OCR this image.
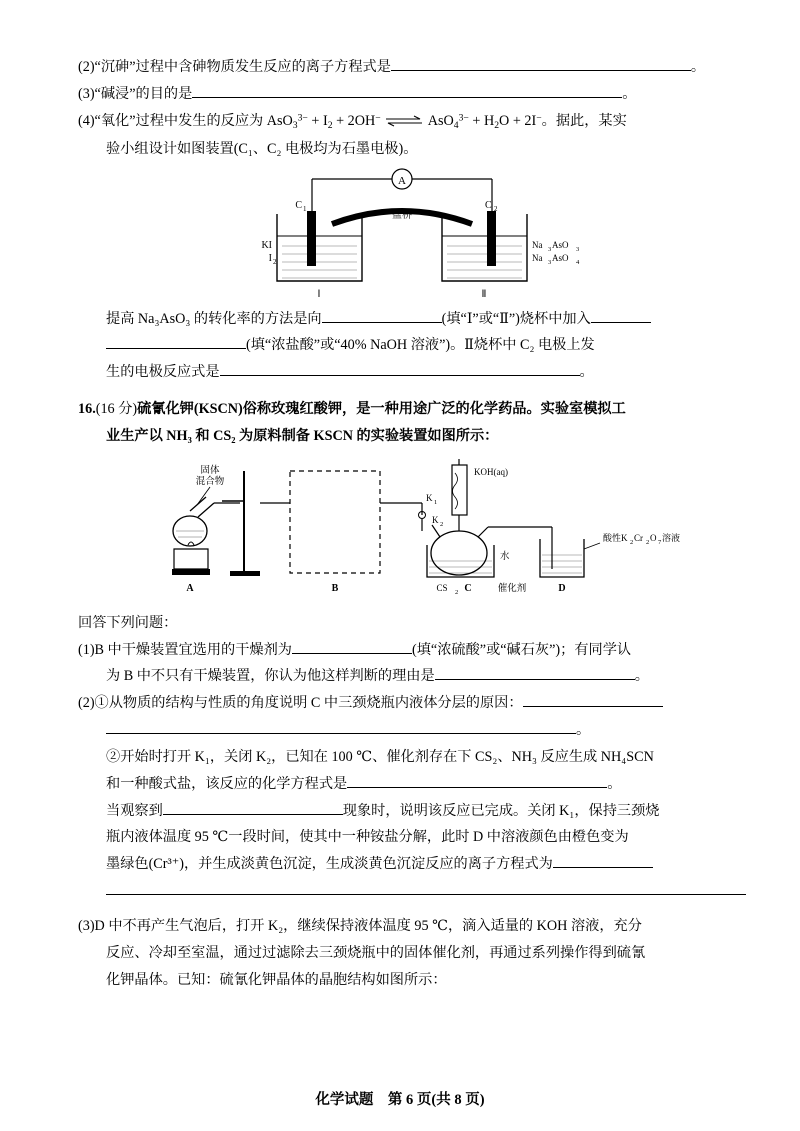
(2)“沉砷”过程中含砷物质发生反应的离子方程式是	。
(3)“碱浸”的目的是	。
(4)“氧化”过程中发生的反应为 $AsO_3^{3-} + I_2 + 2OH^-$ ⇌AsO$_4^{3-}$ + $H_2O + 2I^-$。据此，某实
验小组设计如图装置(C₁、C₂ 电极均为石墨电极)。
A
C 1	C 2
盐桥
KI
I 2
Na 3 AsO 3
Na 3 AsO 4
Ⅰ	Ⅱ
提高 Na₃AsO₃ 的转化率的方法是向	(填“Ⅰ”或“Ⅱ”)烧杯中加入
(填“浓盐酸”或“40% NaOH 溶液”)。Ⅱ烧杯中 C₂ 电极上发
生的电极反应式是	。
16.(16 分)硫氰化钾(KSCN)俗称玫瑰红酸钾，是一种用途广泛的化学药品。实验室模拟工
业生产以 NH₃ 和 CS₂ 为原料制备 KSCN 的实验装置如图所示：
固体
混合物
A	B
K 1
K 2
KOH(aq)
水
CS 2 C	催化剂
酸性K 2 Cr 2 O 7 溶液
D
回答下列问题：
(1)B 中干燥装置宜选用的干燥剂为	(填“浓硫酸”或“碱石灰”)；有同学认
为 B 中不只有干燥装置，你认为他这样判断的理由是	。
(2)①从物质的结构与性质的角度说明 C 中三颈烧瓶内液体分层的原因：
。
②开始时打开 K₁，关闭 K₂，已知在 100 ℃、催化剂存在下 CS₂、NH₃ 反应生成 NH₄SCN
和一种酸式盐，该反应的化学方程式是	。
当观察到	现象时，说明该反应已完成。关闭 K₁，保持三颈烧
瓶内液体温度 95 ℃一段时间，使其中一种铵盐分解，此时 D 中溶液颜色由橙色变为
墨绿色(Cr³⁺)，并生成淡黄色沉淀，生成淡黄色沉淀反应的离子方程式为
(3)D 中不再产生气泡后，打开 K₂，继续保持液体温度 95 ℃，滴入适量的 KOH 溶液，充分
反应、冷却至室温，通过过滤除去三颈烧瓶中的固体催化剂，再通过系列操作得到硫氰
化钾晶体。已知：硫氰化钾晶体的晶胞结构如图所示：
化学试题　第 6 页(共 8 页)
